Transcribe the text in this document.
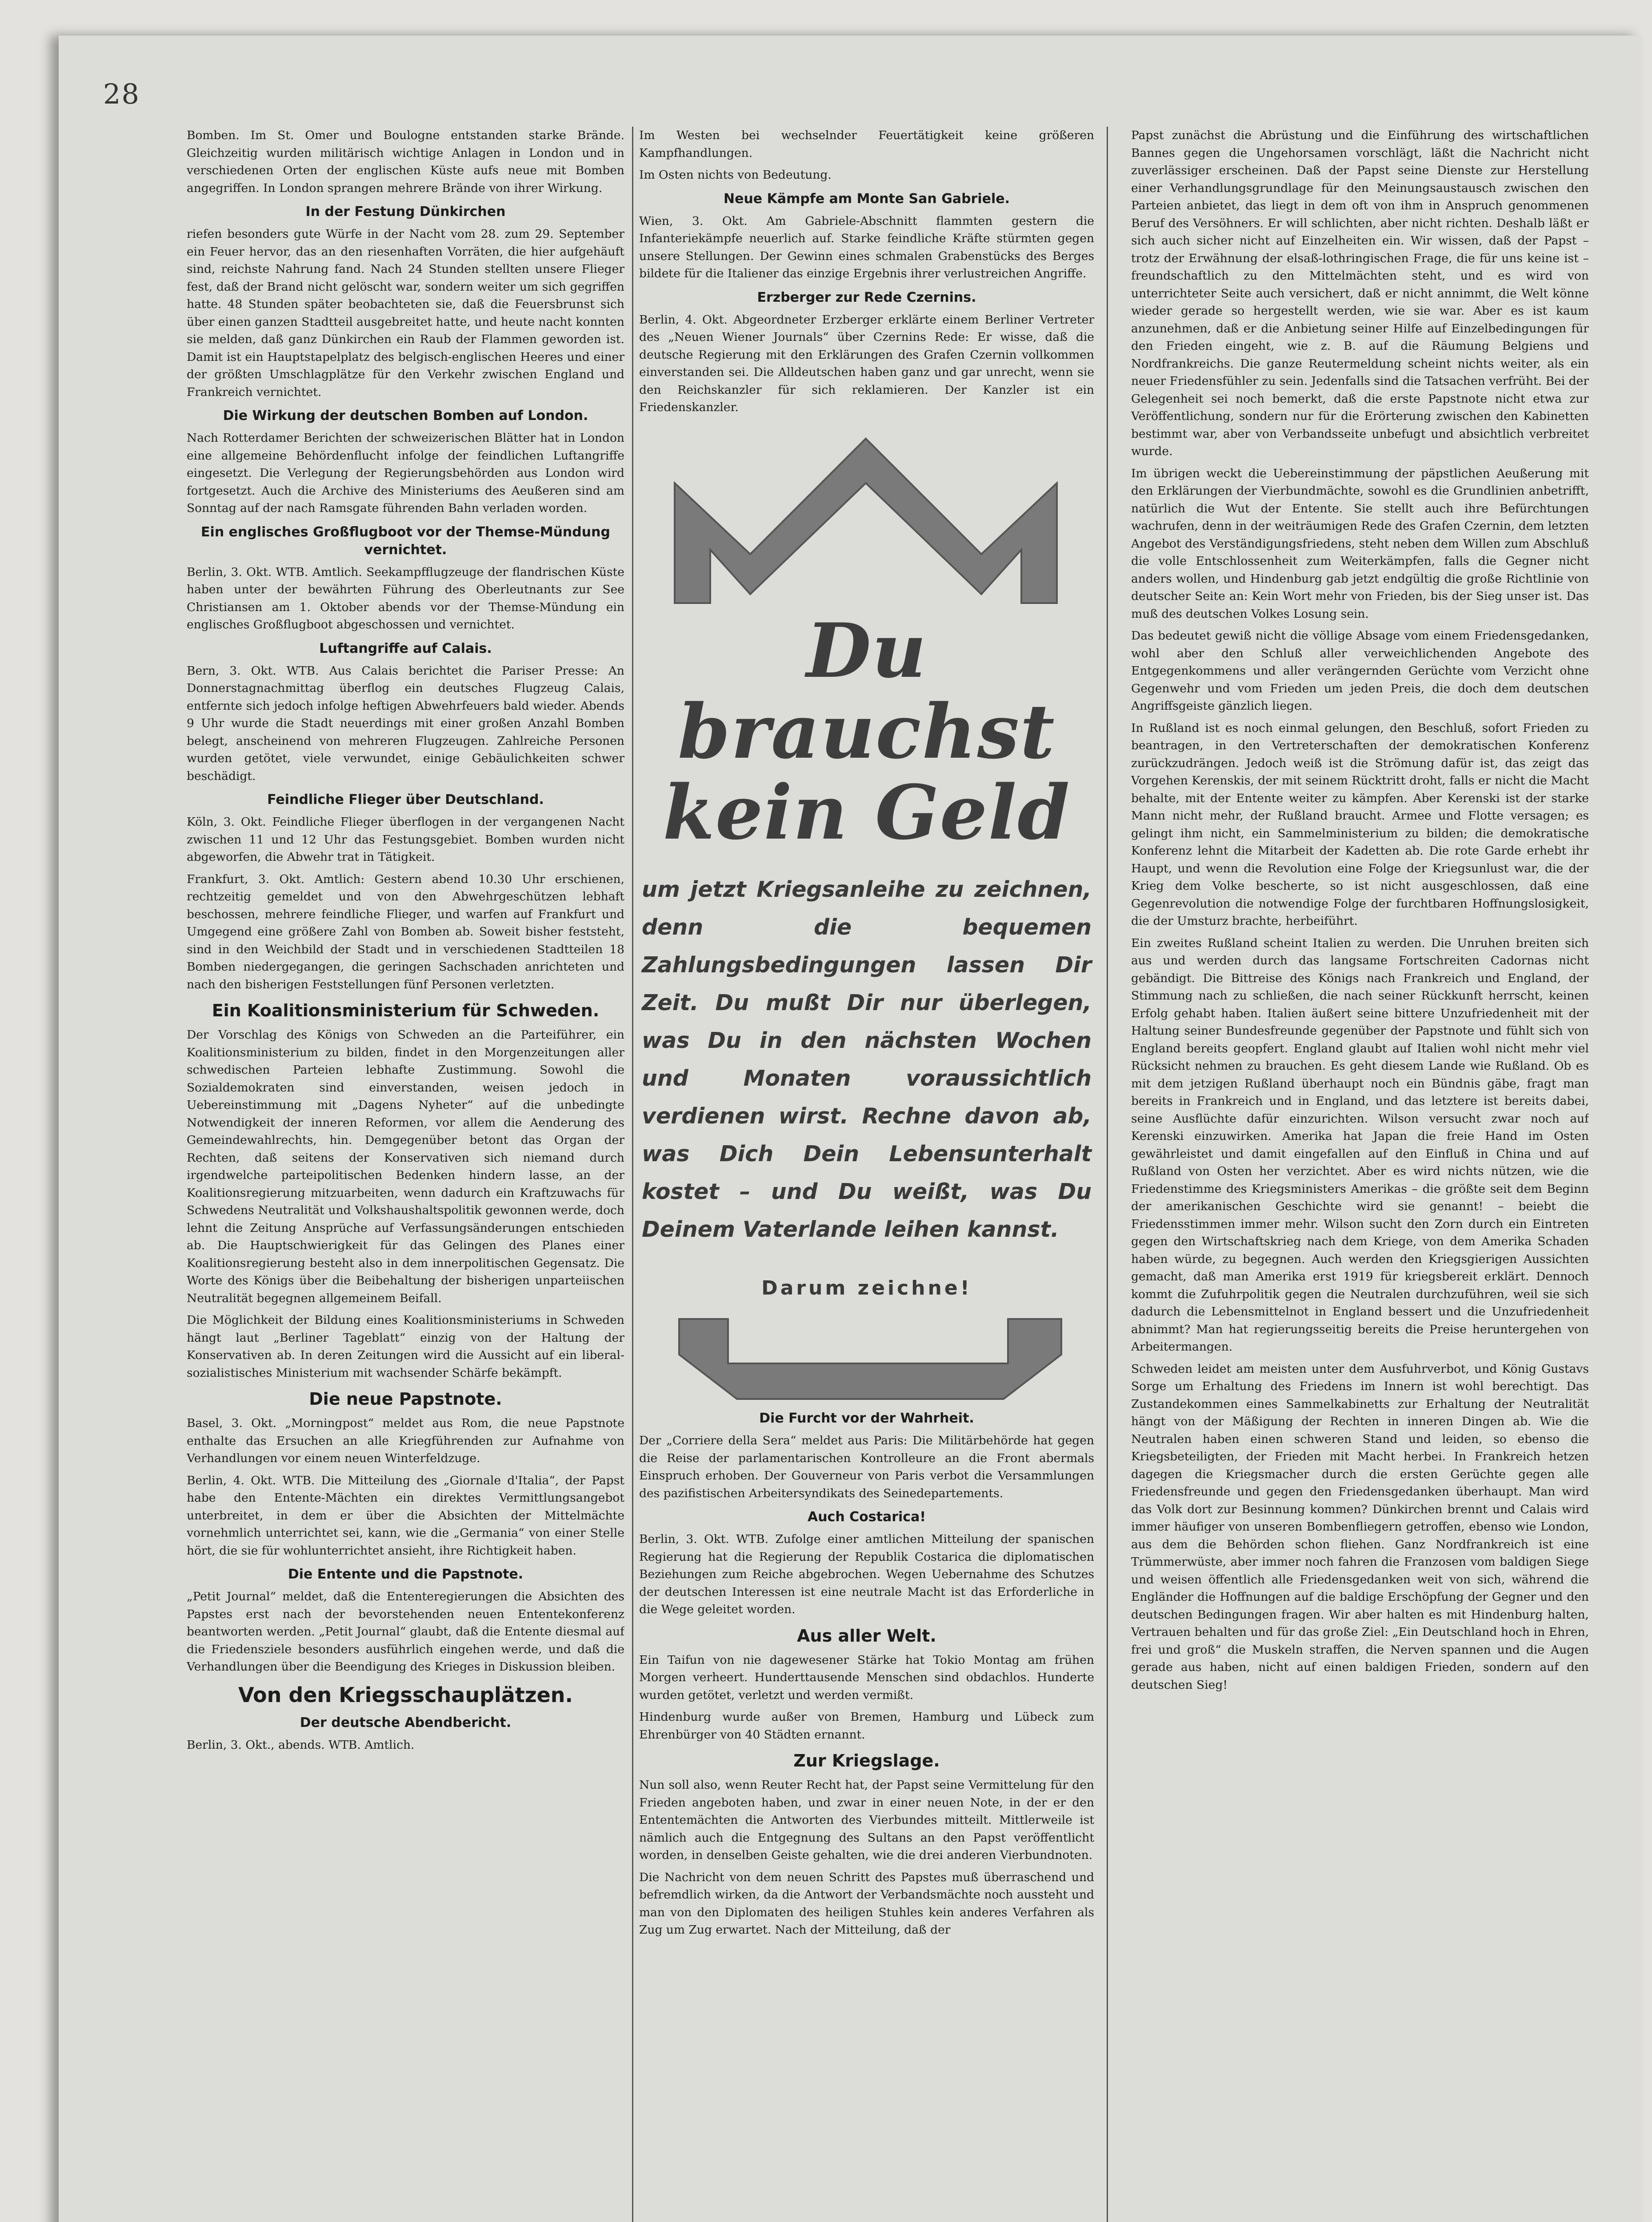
28

Bomben. Im St. Omer und Boulogne entstanden starke Brände. Gleichzeitig wurden militärisch wichtige Anlagen in London und in verschiedenen Orten der englischen Küste aufs neue mit Bomben angegriffen. In London sprangen mehrere Brände von ihrer Wirkung.

In der Festung Dünkirchen

riefen besonders gute Würfe in der Nacht vom 28. zum 29. September ein Feuer hervor, das an den riesenhaften Vorräten, die hier aufgehäuft sind, reichste Nahrung fand. Nach 24 Stunden stellten unsere Flieger fest, daß der Brand nicht gelöscht war, sondern weiter um sich gegriffen hatte. 48 Stunden später beobachteten sie, daß die Feuersbrunst sich über einen ganzen Stadtteil ausgebreitet hatte, und heute nacht konnten sie melden, daß ganz Dünkirchen ein Raub der Flammen geworden ist. Damit ist ein Hauptstapelplatz des belgisch-englischen Heeres und einer der größten Umschlagplätze für den Verkehr zwischen England und Frankreich vernichtet.

Die Wirkung der deutschen Bomben auf London.

Nach Rotterdamer Berichten der schweizerischen Blätter hat in London eine allgemeine Behördenflucht infolge der feindlichen Luftangriffe eingesetzt. Die Verlegung der Regierungsbehörden aus London wird fortgesetzt. Auch die Archive des Ministeriums des Aeußeren sind am Sonntag auf der nach Ramsgate führenden Bahn verladen worden.

Ein englisches Großflugboot vor der Themse-Mündung vernichtet.

Berlin, 3. Okt. WTB. Amtlich. Seekampfflugzeuge der flandrischen Küste haben unter der bewährten Führung des Oberleutnants zur See Christiansen am 1. Oktober abends vor der Themse-Mündung ein englisches Großflugboot abgeschossen und vernichtet.

Luftangriffe auf Calais.

Bern, 3. Okt. WTB. Aus Calais berichtet die Pariser Presse: An Donnerstagnachmittag überflog ein deutsches Flugzeug Calais, entfernte sich jedoch infolge heftigen Abwehrfeuers bald wieder. Abends 9 Uhr wurde die Stadt neuerdings mit einer großen Anzahl Bomben belegt, anscheinend von mehreren Flugzeugen. Zahlreiche Personen wurden getötet, viele verwundet, einige Gebäulichkeiten schwer beschädigt.

Feindliche Flieger über Deutschland.

Köln, 3. Okt. Feindliche Flieger überflogen in der vergangenen Nacht zwischen 11 und 12 Uhr das Festungsgebiet. Bomben wurden nicht abgeworfen, die Abwehr trat in Tätigkeit.

Frankfurt, 3. Okt. Amtlich: Gestern abend 10.30 Uhr erschienen, rechtzeitig gemeldet und von den Abwehrgeschützen lebhaft beschossen, mehrere feindliche Flieger, und warfen auf Frankfurt und Umgegend eine größere Zahl von Bomben ab. Soweit bisher feststeht, sind in den Weichbild der Stadt und in verschiedenen Stadtteilen 18 Bomben niedergegangen, die geringen Sachschaden anrichteten und nach den bisherigen Feststellungen fünf Personen verletzten.

Ein Koalitionsministerium für Schweden.

Der Vorschlag des Königs von Schweden an die Parteiführer, ein Koalitionsministerium zu bilden, findet in den Morgenzeitungen aller schwedischen Parteien lebhafte Zustimmung. Sowohl die Sozialdemokraten sind einverstanden, weisen jedoch in Uebereinstimmung mit „Dagens Nyheter“ auf die unbedingte Notwendigkeit der inneren Reformen, vor allem die Aenderung des Gemeindewahlrechts, hin. Demgegenüber betont das Organ der Rechten, daß seitens der Konservativen sich niemand durch irgendwelche parteipolitischen Bedenken hindern lasse, an der Koalitionsregierung mitzuarbeiten, wenn dadurch ein Kraftzuwachs für Schwedens Neutralität und Volkshaushaltspolitik gewonnen werde, doch lehnt die Zeitung Ansprüche auf Verfassungsänderungen entschieden ab. Die Hauptschwierigkeit für das Gelingen des Planes einer Koalitionsregierung besteht also in dem innerpolitischen Gegensatz. Die Worte des Königs über die Beibehaltung der bisherigen unparteiischen Neutralität begegnen allgemeinem Beifall.

Die Möglichkeit der Bildung eines Koalitionsministeriums in Schweden hängt laut „Berliner Tageblatt“ einzig von der Haltung der Konservativen ab. In deren Zeitungen wird die Aussicht auf ein liberal-sozialistisches Ministerium mit wachsender Schärfe bekämpft.

Die neue Papstnote.

Basel, 3. Okt. „Morningpost“ meldet aus Rom, die neue Papstnote enthalte das Ersuchen an alle Kriegführenden zur Aufnahme von Verhandlungen vor einem neuen Winterfeldzuge.

Berlin, 4. Okt. WTB. Die Mitteilung des „Giornale d'Italia“, der Papst habe den Entente-Mächten ein direktes Vermittlungsangebot unterbreitet, in dem er über die Absichten der Mittelmächte vornehmlich unterrichtet sei, kann, wie die „Germania“ von einer Stelle hört, die sie für wohlunterrichtet ansieht, ihre Richtigkeit haben.

Die Entente und die Papstnote.

„Petit Journal“ meldet, daß die Ententeregierungen die Absichten des Papstes erst nach der bevorstehenden neuen Ententekonferenz beantworten werden. „Petit Journal“ glaubt, daß die Entente diesmal auf die Friedensziele besonders ausführlich eingehen werde, und daß die Verhandlungen über die Beendigung des Krieges in Diskussion bleiben.

Von den Kriegsschauplätzen.
Der deutsche Abendbericht.

Berlin, 3. Okt., abends. WTB. Amtlich.

Im Westen bei wechselnder Feuertätigkeit keine größeren Kampfhandlungen.

Im Osten nichts von Bedeutung.

Neue Kämpfe am Monte San Gabriele.

Wien, 3. Okt. Am Gabriele-Abschnitt flammten gestern die Infanteriekämpfe neuerlich auf. Starke feindliche Kräfte stürmten gegen unsere Stellungen. Der Gewinn eines schmalen Grabenstücks des Berges bildete für die Italiener das einzige Ergebnis ihrer verlustreichen Angriffe.

Erzberger zur Rede Czernins.

Berlin, 4. Okt. Abgeordneter Erzberger erklärte einem Berliner Vertreter des „Neuen Wiener Journals“ über Czernins Rede: Er wisse, daß die deutsche Regierung mit den Erklärungen des Grafen Czernin vollkommen einverstanden sei. Die Alldeutschen haben ganz und gar unrecht, wenn sie den Reichskanzler für sich reklamieren. Der Kanzler ist ein Friedenskanzler.

Du brauchst kein Geld
um jetzt Kriegsanleihe zu zeichnen, denn die bequemen Zahlungsbedingungen lassen Dir Zeit. Du mußt Dir nur überlegen, was Du in den nächsten Wochen und Monaten voraussichtlich verdienen wirst. Rechne davon ab, was Dich Dein Lebensunterhalt kostet – und Du weißt, was Du Deinem Vaterlande leihen kannst.
Darum zeichne!
Die Furcht vor der Wahrheit.

Der „Corriere della Sera“ meldet aus Paris: Die Militärbehörde hat gegen die Reise der parlamentarischen Kontrolleure an die Front abermals Einspruch erhoben. Der Gouverneur von Paris verbot die Versammlungen des pazifistischen Arbeitersyndikats des Seinedepartements.

Auch Costarica!

Berlin, 3. Okt. WTB. Zufolge einer amtlichen Mitteilung der spanischen Regierung hat die Regierung der Republik Costarica die diplomatischen Beziehungen zum Reiche abgebrochen. Wegen Uebernahme des Schutzes der deutschen Interessen ist eine neutrale Macht ist das Erforderliche in die Wege geleitet worden.

Aus aller Welt.

Ein Taifun von nie dagewesener Stärke hat Tokio Montag am frühen Morgen verheert. Hunderttausende Menschen sind obdachlos. Hunderte wurden getötet, verletzt und werden vermißt.

Hindenburg wurde außer von Bremen, Hamburg und Lübeck zum Ehrenbürger von 40 Städten ernannt.

Zur Kriegslage.

Nun soll also, wenn Reuter Recht hat, der Papst seine Vermittelung für den Frieden angeboten haben, und zwar in einer neuen Note, in der er den Ententemächten die Antworten des Vierbundes mitteilt. Mittlerweile ist nämlich auch die Entgegnung des Sultans an den Papst veröffentlicht worden, in denselben Geiste gehalten, wie die drei anderen Vierbundnoten.

Die Nachricht von dem neuen Schritt des Papstes muß überraschend und befremdlich wirken, da die Antwort der Verbandsmächte noch aussteht und man von den Diplomaten des heiligen Stuhles kein anderes Verfahren als Zug um Zug erwartet. Nach der Mitteilung, daß der

Papst zunächst die Abrüstung und die Einführung des wirtschaftlichen Bannes gegen die Ungehorsamen vorschlägt, läßt die Nachricht nicht zuverlässiger erscheinen. Daß der Papst seine Dienste zur Herstellung einer Verhandlungsgrundlage für den Meinungsaustausch zwischen den Parteien anbietet, das liegt in dem oft von ihm in Anspruch genommenen Beruf des Versöhners. Er will schlichten, aber nicht richten. Deshalb läßt er sich auch sicher nicht auf Einzelheiten ein. Wir wissen, daß der Papst – trotz der Erwähnung der elsaß-lothringischen Frage, die für uns keine ist – freundschaftlich zu den Mittelmächten steht, und es wird von unterrichteter Seite auch versichert, daß er nicht annimmt, die Welt könne wieder gerade so hergestellt werden, wie sie war. Aber es ist kaum anzunehmen, daß er die Anbietung seiner Hilfe auf Einzelbedingungen für den Frieden eingeht, wie z. B. auf die Räumung Belgiens und Nordfrankreichs. Die ganze Reutermeldung scheint nichts weiter, als ein neuer Friedensfühler zu sein. Jedenfalls sind die Tatsachen verfrüht. Bei der Gelegenheit sei noch bemerkt, daß die erste Papstnote nicht etwa zur Veröffentlichung, sondern nur für die Erörterung zwischen den Kabinetten bestimmt war, aber von Verbandsseite unbefugt und absichtlich verbreitet wurde.

Im übrigen weckt die Uebereinstimmung der päpstlichen Aeußerung mit den Erklärungen der Vierbundmächte, sowohl es die Grundlinien anbetrifft, natürlich die Wut der Entente. Sie stellt auch ihre Befürchtungen wachrufen, denn in der weiträumigen Rede des Grafen Czernin, dem letzten Angebot des Verständigungsfriedens, steht neben dem Willen zum Abschluß die volle Entschlossenheit zum Weiterkämpfen, falls die Gegner nicht anders wollen, und Hindenburg gab jetzt endgültig die große Richtlinie von deutscher Seite an: Kein Wort mehr von Frieden, bis der Sieg unser ist. Das muß des deutschen Volkes Losung sein.

Das bedeutet gewiß nicht die völlige Absage vom einem Friedensgedanken, wohl aber den Schluß aller verweichlichenden Angebote des Entgegenkommens und aller verängernden Gerüchte vom Verzicht ohne Gegenwehr und vom Frieden um jeden Preis, die doch dem deutschen Angriffsgeiste gänzlich liegen.

In Rußland ist es noch einmal gelungen, den Beschluß, sofort Frieden zu beantragen, in den Vertreterschaften der demokratischen Konferenz zurückzudrängen. Jedoch weiß ist die Strömung dafür ist, das zeigt das Vorgehen Kerenskis, der mit seinem Rücktritt droht, falls er nicht die Macht behalte, mit der Entente weiter zu kämpfen. Aber Kerenski ist der starke Mann nicht mehr, der Rußland braucht. Armee und Flotte versagen; es gelingt ihm nicht, ein Sammelministerium zu bilden; die demokratische Konferenz lehnt die Mitarbeit der Kadetten ab. Die rote Garde erhebt ihr Haupt, und wenn die Revolution eine Folge der Kriegsunlust war, die der Krieg dem Volke bescherte, so ist nicht ausgeschlossen, daß eine Gegenrevolution die notwendige Folge der furchtbaren Hoffnungslosigkeit, die der Umsturz brachte, herbeiführt.

Ein zweites Rußland scheint Italien zu werden. Die Unruhen breiten sich aus und werden durch das langsame Fortschreiten Cadornas nicht gebändigt. Die Bittreise des Königs nach Frankreich und England, der Stimmung nach zu schließen, die nach seiner Rückkunft herrscht, keinen Erfolg gehabt haben. Italien äußert seine bittere Unzufriedenheit mit der Haltung seiner Bundesfreunde gegenüber der Papstnote und fühlt sich von England bereits geopfert. England glaubt auf Italien wohl nicht mehr viel Rücksicht nehmen zu brauchen. Es geht diesem Lande wie Rußland. Ob es mit dem jetzigen Rußland überhaupt noch ein Bündnis gäbe, fragt man bereits in Frankreich und in England, und das letztere ist bereits dabei, seine Ausflüchte dafür einzurichten. Wilson versucht zwar noch auf Kerenski einzuwirken. Amerika hat Japan die freie Hand im Osten gewährleistet und damit eingefallen auf den Einfluß in China und auf Rußland von Osten her verzichtet. Aber es wird nichts nützen, wie die Friedenstimme des Kriegsministers Amerikas – die größte seit dem Beginn der amerikanischen Geschichte wird sie genannt! – beiebt die Friedensstimmen immer mehr. Wilson sucht den Zorn durch ein Eintreten gegen den Wirtschaftskrieg nach dem Kriege, von dem Amerika Schaden haben würde, zu begegnen. Auch werden den Kriegsgierigen Aussichten gemacht, daß man Amerika erst 1919 für kriegsbereit erklärt. Dennoch kommt die Zufuhrpolitik gegen die Neutralen durchzuführen, weil sie sich dadurch die Lebensmittelnot in England bessert und die Unzufriedenheit abnimmt? Man hat regierungsseitig bereits die Preise heruntergehen von Arbeitermangen.

Schweden leidet am meisten unter dem Ausfuhrverbot, und König Gustavs Sorge um Erhaltung des Friedens im Innern ist wohl berechtigt. Das Zustandekommen eines Sammelkabinetts zur Erhaltung der Neutralität hängt von der Mäßigung der Rechten in inneren Dingen ab. Wie die Neutralen haben einen schweren Stand und leiden, so ebenso die Kriegsbeteiligten, der Frieden mit Macht herbei. In Frankreich hetzen dagegen die Kriegsmacher durch die ersten Gerüchte gegen alle Friedensfreunde und gegen den Friedensgedanken überhaupt. Man wird das Volk dort zur Besinnung kommen? Dünkirchen brennt und Calais wird immer häufiger von unseren Bombenfliegern getroffen, ebenso wie London, aus dem die Behörden schon fliehen. Ganz Nordfrankreich ist eine Trümmerwüste, aber immer noch fahren die Franzosen vom baldigen Siege und weisen öffentlich alle Friedensgedanken weit von sich, während die Engländer die Hoffnungen auf die baldige Erschöpfung der Gegner und den deutschen Bedingungen fragen. Wir aber halten es mit Hindenburg halten, Vertrauen behalten und für das große Ziel: „Ein Deutschland hoch in Ehren, frei und groß“ die Muskeln straffen, die Nerven spannen und die Augen gerade aus haben, nicht auf einen baldigen Frieden, sondern auf den deutschen Sieg!
